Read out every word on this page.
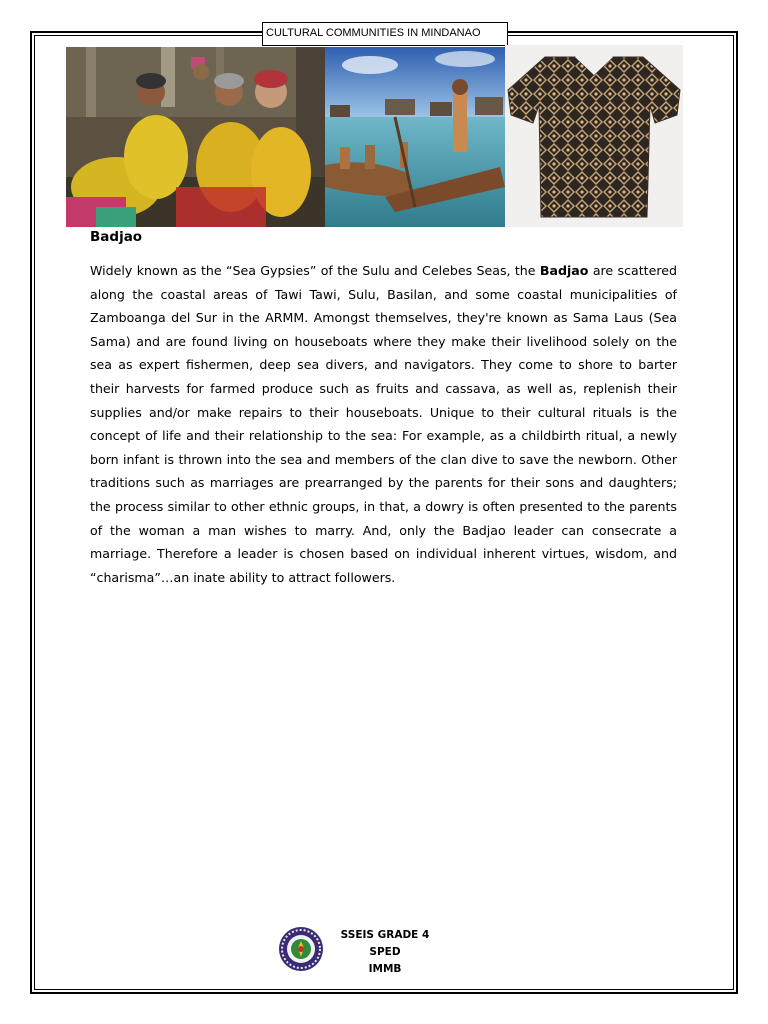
CULTURAL COMMUNITIES IN MINDANAO
Badjao

Widely known as the “Sea Gypsies” of the Sulu and Celebes Seas, the Badjao are scattered along the coastal areas of Tawi Tawi, Sulu, Basilan, and some coastal municipalities of Zamboanga del Sur in the ARMM. Amongst themselves, they're known as Sama Laus (Sea Sama) and are found living on houseboats where they make their livelihood solely on the sea as expert fishermen, deep sea divers, and navigators. They come to shore to barter their harvests for farmed produce such as fruits and cassava, as well as, replenish their supplies and/or make repairs to their houseboats. Unique to their cultural rituals is the concept of life and their relationship to the sea: For example, as a childbirth ritual, a newly born infant is thrown into the sea and members of the clan dive to save the newborn. Other traditions such as marriages are prearranged by the parents for their sons and daughters; the process similar to other ethnic groups, in that, a dowry is often presented to the parents of the woman a man wishes to marry. And, only the Badjao leader can consecrate a marriage. Therefore a leader is chosen based on individual inherent virtues, wisdom, and “charisma”…an inate ability to attract followers.

SSEIS GRADE 4 SPED
IMMB
